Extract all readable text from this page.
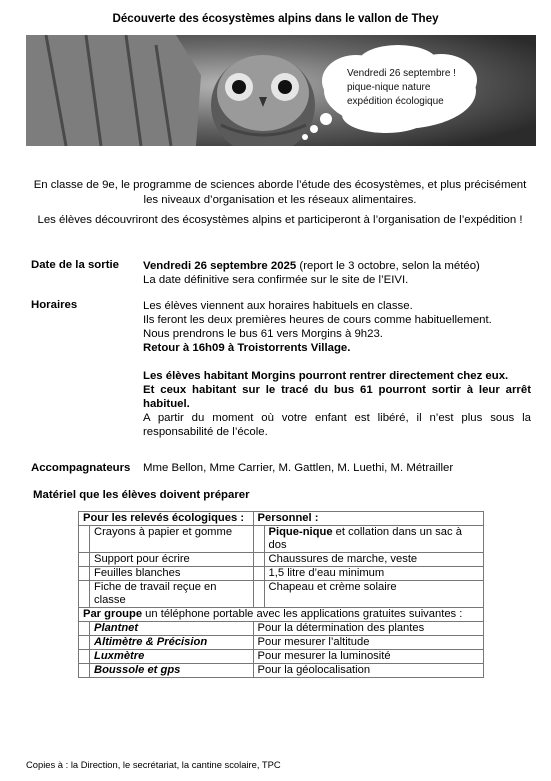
Découverte des écosystèmes alpins dans le vallon de They
Vendredi 26 septembre !
pique-nique nature
expédition écologique
En classe de 9e, le programme de sciences aborde l’étude des écosystèmes, et plus précisément
les niveaux d’organisation et les réseaux alimentaires.
Les élèves découvriront des écosystèmes alpins et participeront à l’organisation de l’expédition !
Date de la sortie Vendredi 26 septembre 2025 (report le 3 octobre, selon la météo)

La date définitive sera confirmée sur le site de l’EIVI.

Horaires	Les élèves viennent aux horaires habituels en classe.

Ils feront les deux premières heures de cours comme habituellement.

Nous prendrons le bus 61 vers Morgins à 9h23.

Retour à 16h09 à Troistorrents Village.

Les élèves habitant Morgins pourront rentrer directement chez eux.

Et ceux habitant sur le tracé du bus 61 pourront sortir à leur arrêt habituel.

A partir du moment où votre enfant est libéré, il n’est plus sous la responsabilité de l’école.

Accompagnateurs Mme Bellon, Mme Carrier, M. Gattlen, M. Luethi, M. Métrailler
Matériel que les élèves doivent préparer
Pour les relevés écologiques :		Personnel :	
	Crayons à papier et gomme		Pique-nique et collation dans un sac à dos
	Support pour écrire		Chaussures de marche, veste
	Feuilles blanches		1,5 litre d’eau minimum
	Fiche de travail reçue en classe		Chapeau et crème solaire
Par groupe un téléphone portable avec les applications gratuites suivantes :			
	Plantnet	Pour la détermination des plantes	
	Altimètre & Précision	Pour mesurer l’altitude	
	Luxmètre	Pour mesurer la luminosité	
	Boussole et gps	Pour la géolocalisation	
Copies à : la Direction, le secrétariat, la cantine scolaire, TPC
